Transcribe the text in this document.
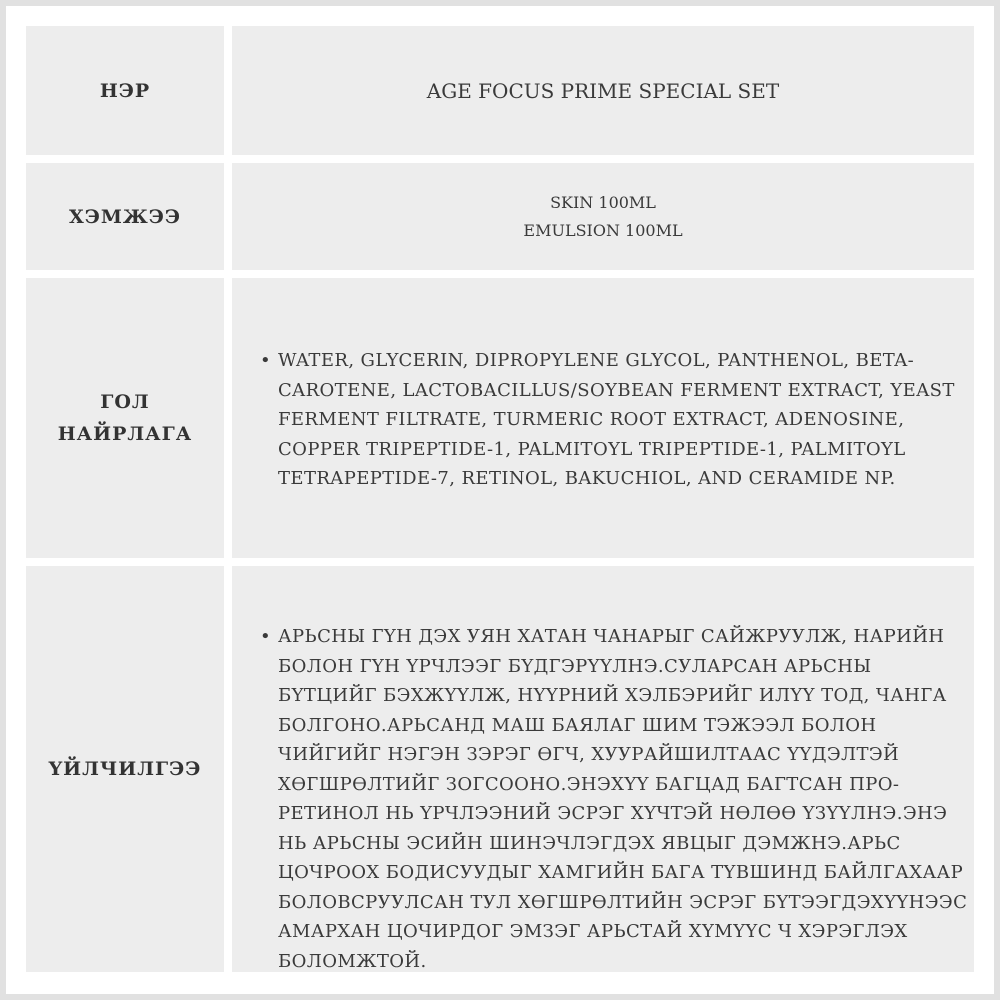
НЭР	AGE FOCUS PRIME SPECIAL SET
ХЭМЖЭЭ
SKIN 100ML
EMULSION 100ML
ГОЛ
НАЙРЛАГА
• WATER, GLYCERIN, DIPROPYLENE GLYCOL, PANTHENOL, BETA-CAROTENE, LACTOBACILLUS/SOYBEAN FERMENT EXTRACT, YEAST FERMENT FILTRATE, TURMERIC ROOT EXTRACT, ADENOSINE, COPPER TRIPEPTIDE-1, PALMITOYL TRIPEPTIDE-1, PALMITOYL TETRAPEPTIDE-7, RETINOL, BAKUCHIOL, AND CERAMIDE NP.
ҮЙЛЧИЛГЭЭ
• АРЬСНЫ ГҮН ДЭХ УЯН ХАТАН ЧАНАРЫГ САЙЖРУУЛЖ, НАРИЙН БОЛОН ГҮН ҮРЧЛЭЭГ БҮДГЭРҮҮЛНЭ.СУЛАРСАН АРЬСНЫ БҮТЦИЙГ БЭХЖҮҮЛЖ, НҮҮРНИЙ ХЭЛБЭРИЙГ ИЛҮҮ ТОД, ЧАНГА БОЛГОНО.АРЬСАНД МАШ БАЯЛАГ ШИМ ТЭЖЭЭЛ БОЛОН ЧИЙГИЙГ НЭГЭН ЗЭРЭГ ӨГЧ, ХУУРАЙШИЛТААС ҮҮДЭЛТЭЙ ХӨГШРӨЛТИЙГ ЗОГСООНО.ЭНЭХҮҮ БАГЦАД БАГТСАН ПРО-РЕТИНОЛ НЬ ҮРЧЛЭЭНИЙ ЭСРЭГ ХҮЧТЭЙ НӨЛӨӨ ҮЗҮҮЛНЭ.ЭНЭ НЬ АРЬСНЫ ЭСИЙН ШИНЭЧЛЭГДЭХ ЯВЦЫГ ДЭМЖНЭ.АРЬС ЦОЧРООХ БОДИСУУДЫГ ХАМГИЙН БАГА ТҮВШИНД БАЙЛГАХААР БОЛОВСРУУЛСАН ТУЛ ХӨГШРӨЛТИЙН ЭСРЭГ БҮТЭЭГДЭХҮҮНЭЭС АМАРХАН ЦОЧИРДОГ ЭМЗЭГ АРЬСТАЙ ХҮМҮҮС Ч ХЭРЭГЛЭХ БОЛОМЖТОЙ.
